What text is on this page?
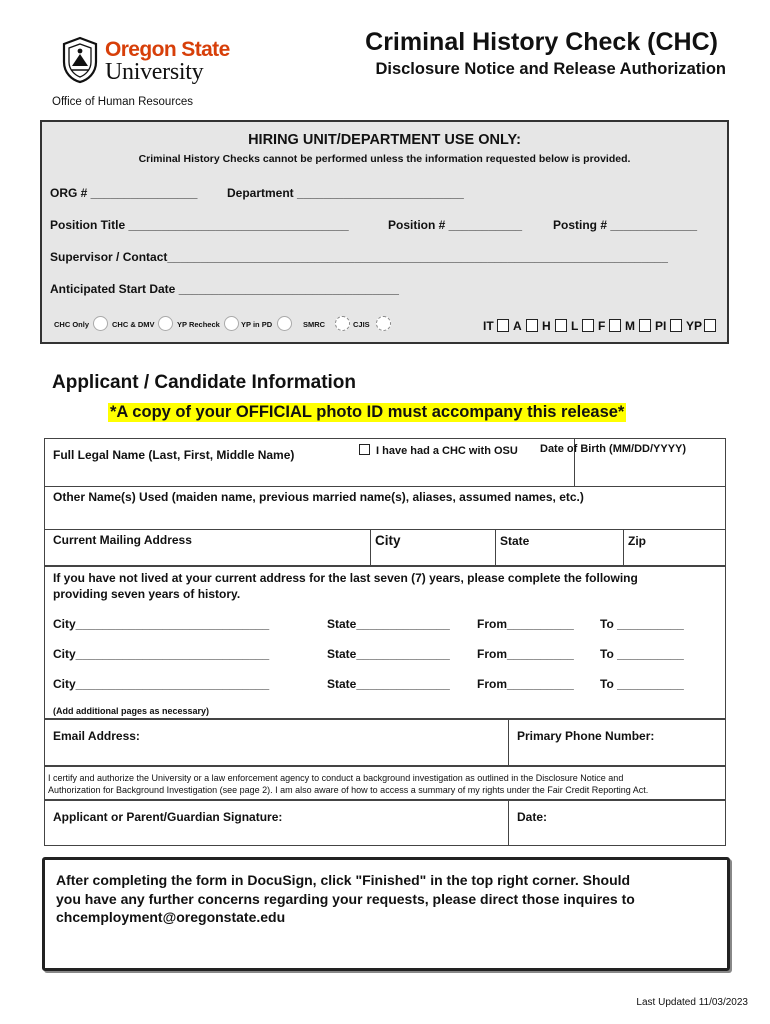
Oregon State
University
Criminal History Check (CHC)
Disclosure Notice and Release Authorization
Office of Human Resources
HIRING UNIT/DEPARTMENT USE ONLY:
Criminal History Checks cannot be performed unless the information requested below is provided.
ORG # ________________ Department _________________________
Position Title _________________________________	Position # ___________	Posting # _____________
Supervisor / Contact___________________________________________________________________________
Anticipated Start Date _________________________________
CHC Only	CHC & DMV	YP Recheck	YP in PD	SMRC	CJIS	IT A H L F M PI YP
Applicant / Candidate Information
*A copy of your OFFICIAL photo ID must accompany this release*
Full Legal Name (Last, First, Middle Name)	I have had a CHC with OSU Date of Birth (MM/DD/YYYY)
Other Name(s) Used (maiden name, previous married name(s), aliases, assumed names, etc.)
Current Mailing Address	City	State	Zip
If you have not lived at your current address for the last seven (7) years, please complete the following
providing seven years of history.
City_____________________________	State______________ From__________ To __________
City_____________________________	State______________ From__________ To __________
City_____________________________	State______________ From__________ To __________
(Add additional pages as necessary)
Email Address:	Primary Phone Number:
I certify and authorize the University or a law enforcement agency to conduct a background investigation as outlined in the Disclosure Notice and
Authorization for Background Investigation (see page 2). I am also aware of how to access a summary of my rights under the Fair Credit Reporting Act.
Applicant or Parent/Guardian Signature:	Date:
After completing the form in DocuSign, click "Finished" in the top right corner. Should
you have any further concerns regarding your requests, please direct those inquires to
chcemployment@oregonstate.edu
Last Updated 11/03/2023
